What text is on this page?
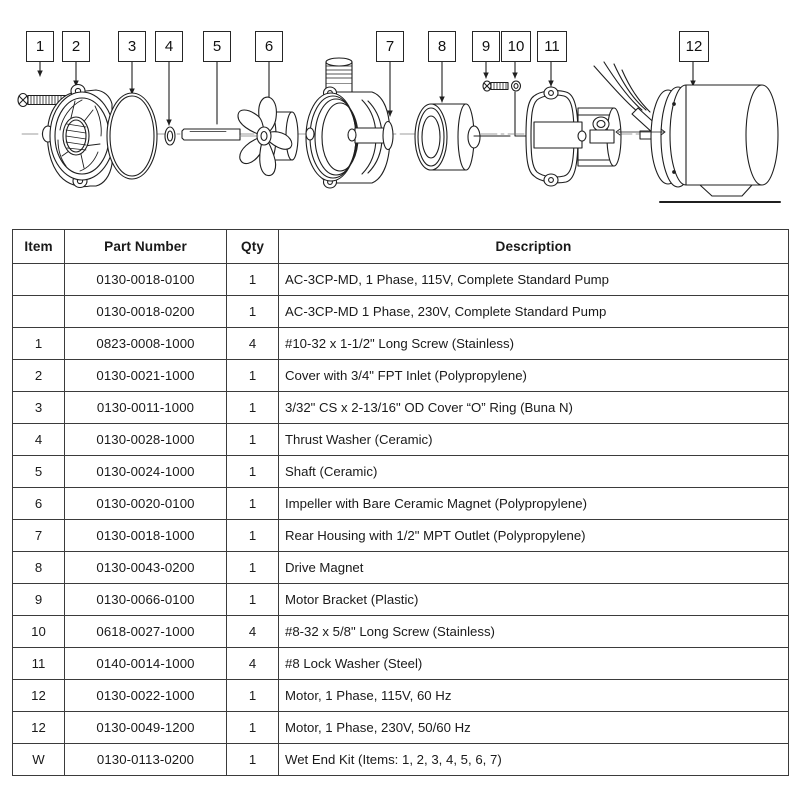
1 2	3 4	5	6	7	8 9 10 11	12
Item	Part Number	Qty	Description
	0130-0018-0100	1	AC-3CP-MD, 1 Phase, 115V, Complete Standard Pump
	0130-0018-0200	1	AC-3CP-MD 1 Phase, 230V, Complete Standard Pump
1	0823-0008-1000	4	#10-32 x 1-1/2" Long Screw (Stainless)
2	0130-0021-1000	1	Cover with 3/4" FPT Inlet (Polypropylene)
3	0130-0011-1000	1	3/32" CS x 2-13/16" OD Cover “O” Ring (Buna N)
4	0130-0028-1000	1	Thrust Washer (Ceramic)
5	0130-0024-1000	1	Shaft (Ceramic)
6	0130-0020-0100	1	Impeller with Bare Ceramic Magnet (Polypropylene)
7	0130-0018-1000	1	Rear Housing with 1/2" MPT Outlet (Polypropylene)
8	0130-0043-0200	1	Drive Magnet
9	0130-0066-0100	1	Motor Bracket (Plastic)
10	0618-0027-1000	4	#8-32 x 5/8" Long Screw (Stainless)
11	0140-0014-1000	4	#8 Lock Washer (Steel)
12	0130-0022-1000	1	Motor, 1 Phase, 115V, 60 Hz
12	0130-0049-1200	1	Motor, 1 Phase, 230V, 50/60 Hz
W	0130-0113-0200	1	Wet End Kit (Items: 1, 2, 3, 4, 5, 6, 7)
